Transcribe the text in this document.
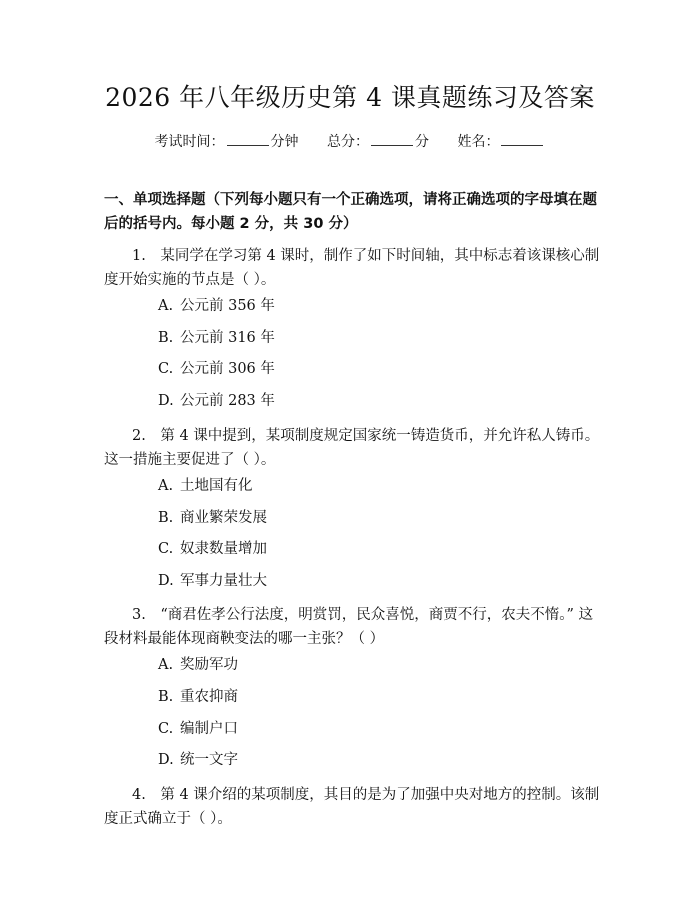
2026 年八年级历史第 4 课真题练习及答案
考试时间：	分钟 总分：	分 姓名：
一、单项选择题（下列每小题只有一个正确选项，请将正确选项的字母填在题后的括号内。每小题 2 分，共 30 分）
1.　某同学在学习第 4 课时，制作了如下时间轴，其中标志着该课核心制度开始实施的节点是（ ）。
A. 公元前 356 年
B. 公元前 316 年
C. 公元前 306 年
D. 公元前 283 年
2.　第 4 课中提到，某项制度规定国家统一铸造货币，并允许私人铸币。这一措施主要促进了（ ）。
A. 土地国有化
B. 商业繁荣发展
C. 奴隶数量增加
D. 军事力量壮大
3.　“商君佐孝公行法度，明赏罚，民众喜悦，商贾不行，农夫不惰。” 这段材料最能体现商鞅变法的哪一主张？（ ）
A. 奖励军功
B. 重农抑商
C. 编制户口
D. 统一文字
4.　第 4 课介绍的某项制度，其目的是为了加强中央对地方的控制。该制度正式确立于（ ）。
